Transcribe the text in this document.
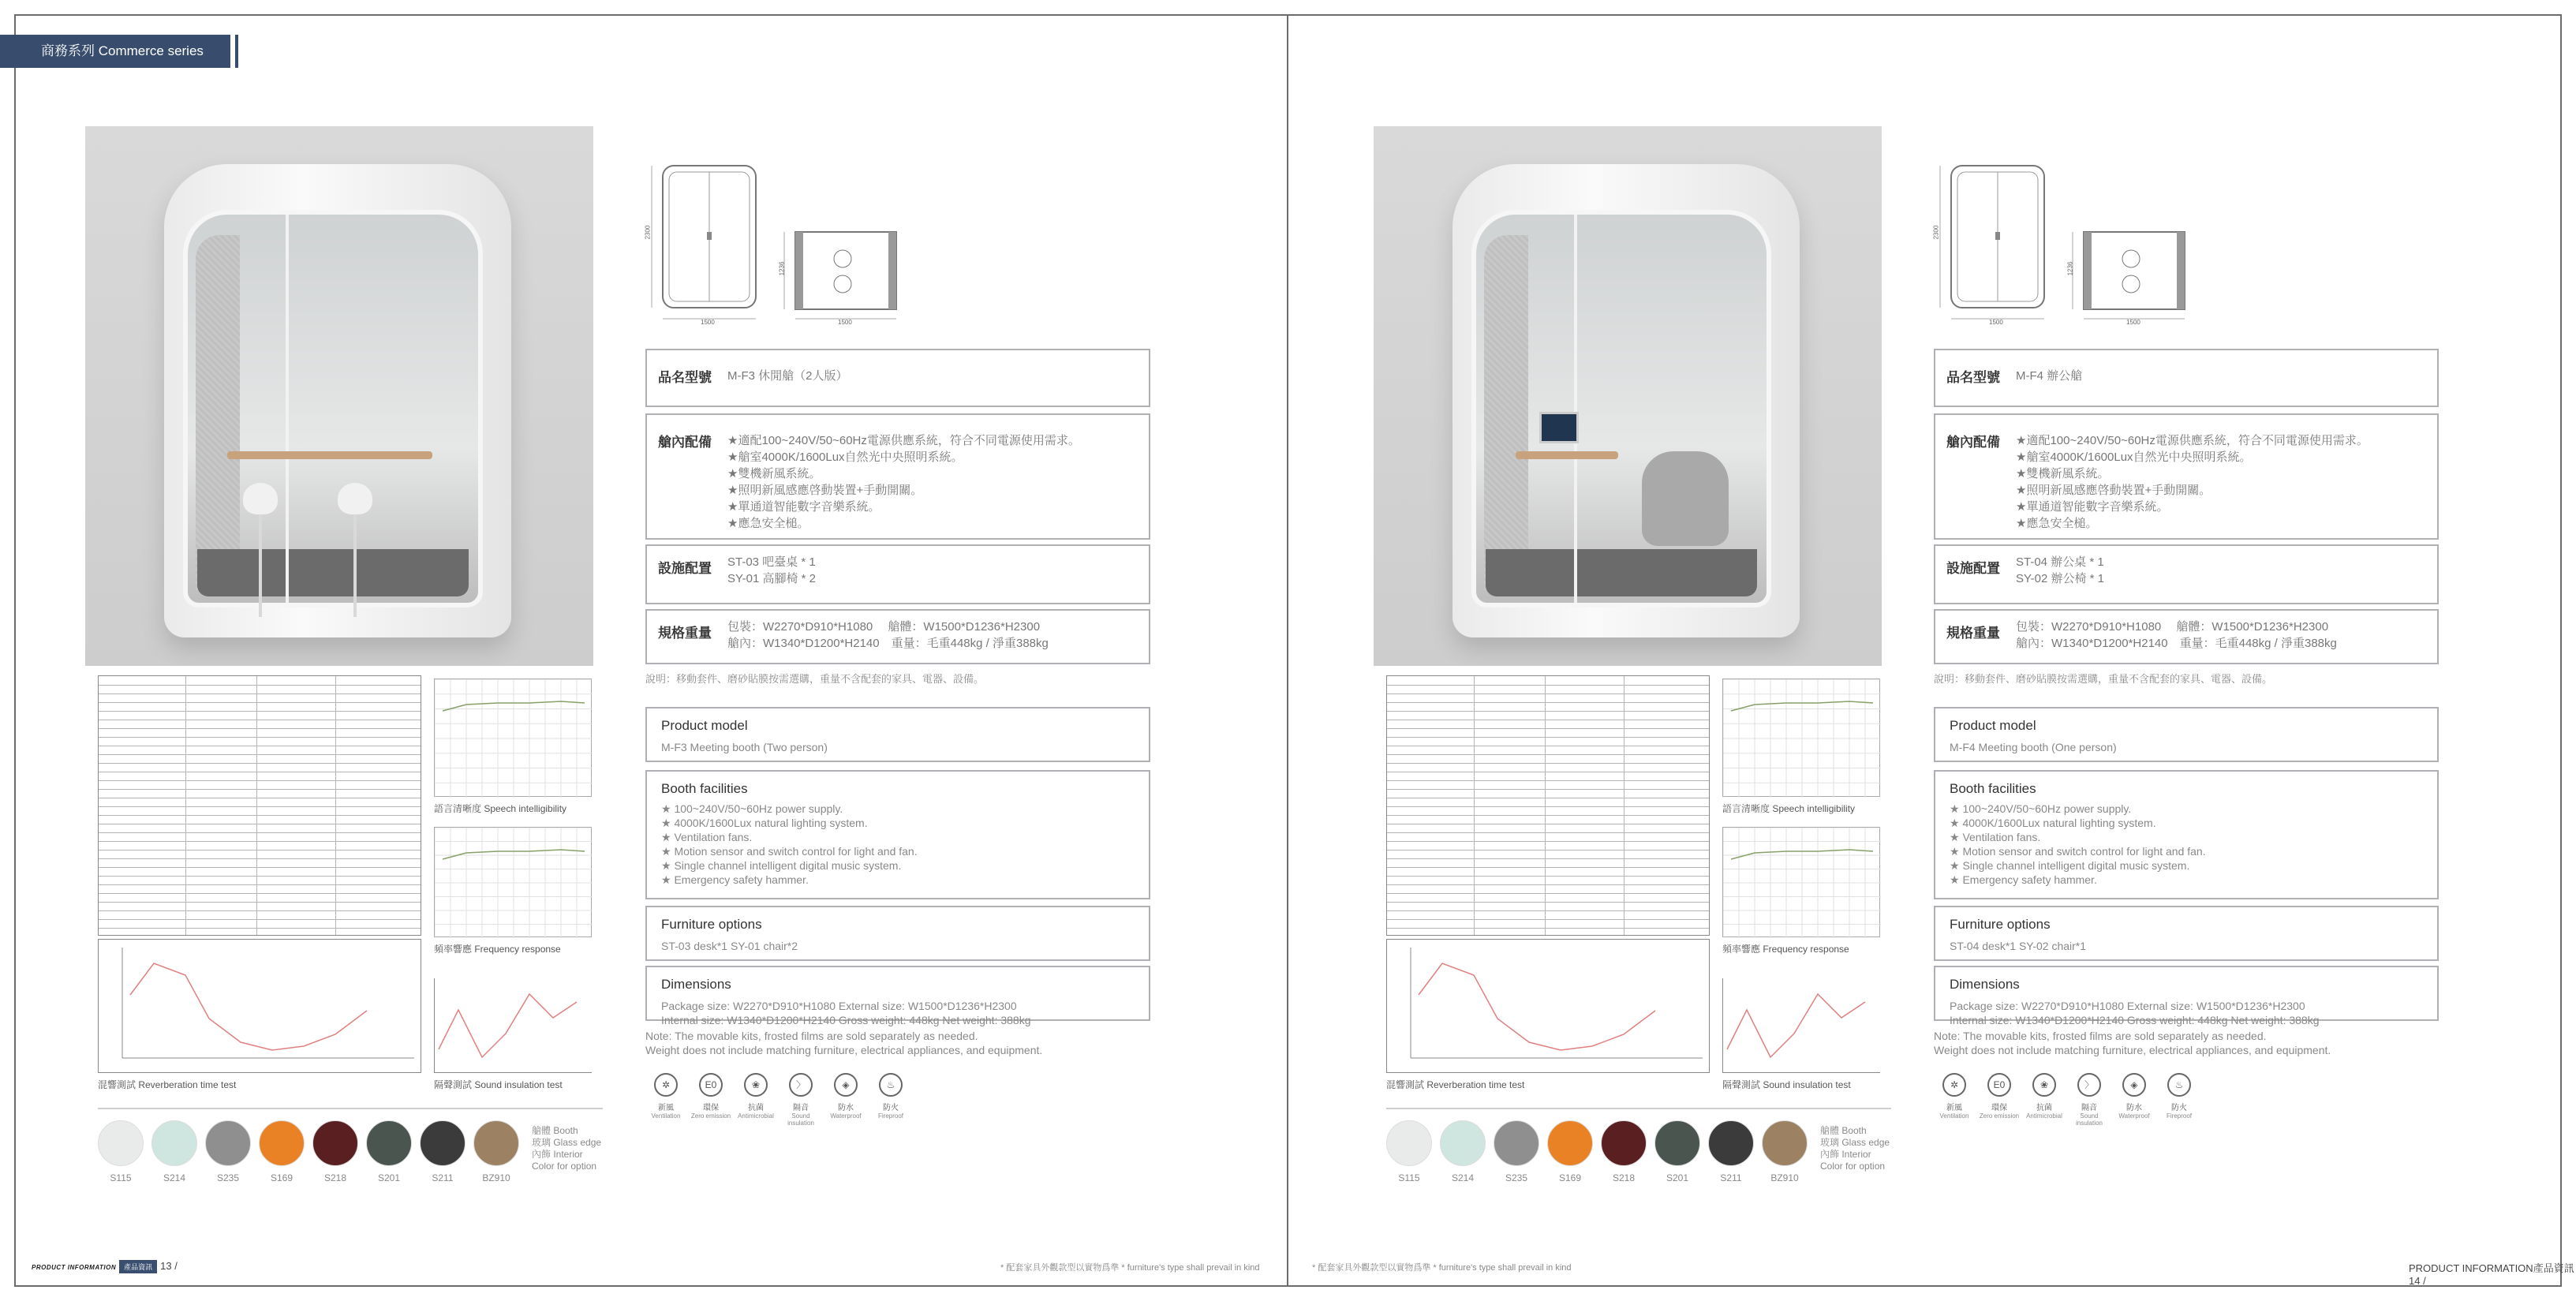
商務系列 Commerce series
1500
2300
1500
1236
品名型號 M-F3 休閒艙（2人版）
艙內配備 ★適配100~240V/50~60Hz電源供應系統，符合不同電源使用需求。
★艙室4000K/1600Lux自然光中央照明系統。
★雙機新風系統。
★照明新風感應啓動裝置+手動開關。
★單通道智能數字音樂系統。
★應急安全槌。
設施配置 ST-03 吧臺桌 * 1
SY-01 高腳椅 * 2
規格重量 包裝：W2270*D910*H1080　 艙體：W1500*D1236*H2300
艙內：W1340*D1200*H2140　重量：毛重448kg / 淨重388kg
說明：移動套件、磨砂貼膜按需選購，重量不含配套的家具、電器、設備。
Product model
M-F3 Meeting booth (Two person)
Booth facilities
★ 100~240V/50~60Hz power supply.
★ 4000K/1600Lux natural lighting system.
★ Ventilation fans.
★ Motion sensor and switch control for light and fan.
★ Single channel intelligent digital music system.
★ Emergency safety hammer.
Furniture options
ST-03 desk*1 SY-01 chair*2
Dimensions
Package size: W2270*D910*H1080 External size: W1500*D1236*H2300
Internal size: W1340*D1200*H2140 Gross weight: 448kg Net weight: 388kg
Note: The movable kits, frosted films are sold separately as needed.
Weight does not include matching furniture, electrical appliances, and equipment.
✲
新風
Ventilation
E0
環保
Zero emission
❀
抗菌
Antimicrobial
〉
隔音
Sound insulation
◈
防水
Waterproof
♨
防火
Fireproof
語言清晰度 Speech intelligibility
頻率響應 Frequency response
混響測試 Reverberation time test	隔聲測試 Sound insulation test
S115	S214	S235	S169	S218	S201	S211	BZ910
艙體 Booth
玻璃 Glass edge
內飾 Interior
Color for option
PRODUCT INFORMATION 產品資訊 13 /	* 配套家具外觀款型以實物爲準 * furniture's type shall prevail in kind
1500
2300
1500
1236
品名型號 M-F4 辦公艙
艙內配備 ★適配100~240V/50~60Hz電源供應系統，符合不同電源使用需求。
★艙室4000K/1600Lux自然光中央照明系統。
★雙機新風系統。
★照明新風感應啓動裝置+手動開關。
★單通道智能數字音樂系統。
★應急安全槌。
設施配置 ST-04 辦公桌 * 1
SY-02 辦公椅 * 1
規格重量 包裝：W2270*D910*H1080　 艙體：W1500*D1236*H2300
艙內：W1340*D1200*H2140　重量：毛重448kg / 淨重388kg
說明：移動套件、磨砂貼膜按需選購，重量不含配套的家具、電器、設備。
Product model
M-F4 Meeting booth (One person)
Booth facilities
★ 100~240V/50~60Hz power supply.
★ 4000K/1600Lux natural lighting system.
★ Ventilation fans.
★ Motion sensor and switch control for light and fan.
★ Single channel intelligent digital music system.
★ Emergency safety hammer.
Furniture options
ST-04 desk*1 SY-02 chair*1
Dimensions
Package size: W2270*D910*H1080 External size: W1500*D1236*H2300
Internal size: W1340*D1200*H2140 Gross weight: 448kg Net weight: 388kg
Note: The movable kits, frosted films are sold separately as needed.
Weight does not include matching furniture, electrical appliances, and equipment.
✲
新風
Ventilation
E0
環保
Zero emission
❀
抗菌
Antimicrobial
〉
隔音
Sound insulation
◈
防水
Waterproof
♨
防火
Fireproof
語言清晰度 Speech intelligibility
頻率響應 Frequency response
混響測試 Reverberation time test	隔聲測試 Sound insulation test
S115	S214	S235	S169	S218	S201	S211	BZ910
艙體 Booth
玻璃 Glass edge
內飾 Interior
Color for option
* 配套家具外觀款型以實物爲準 * furniture's type shall prevail in kind	PRODUCT INFORMATION產品資訊14 /
